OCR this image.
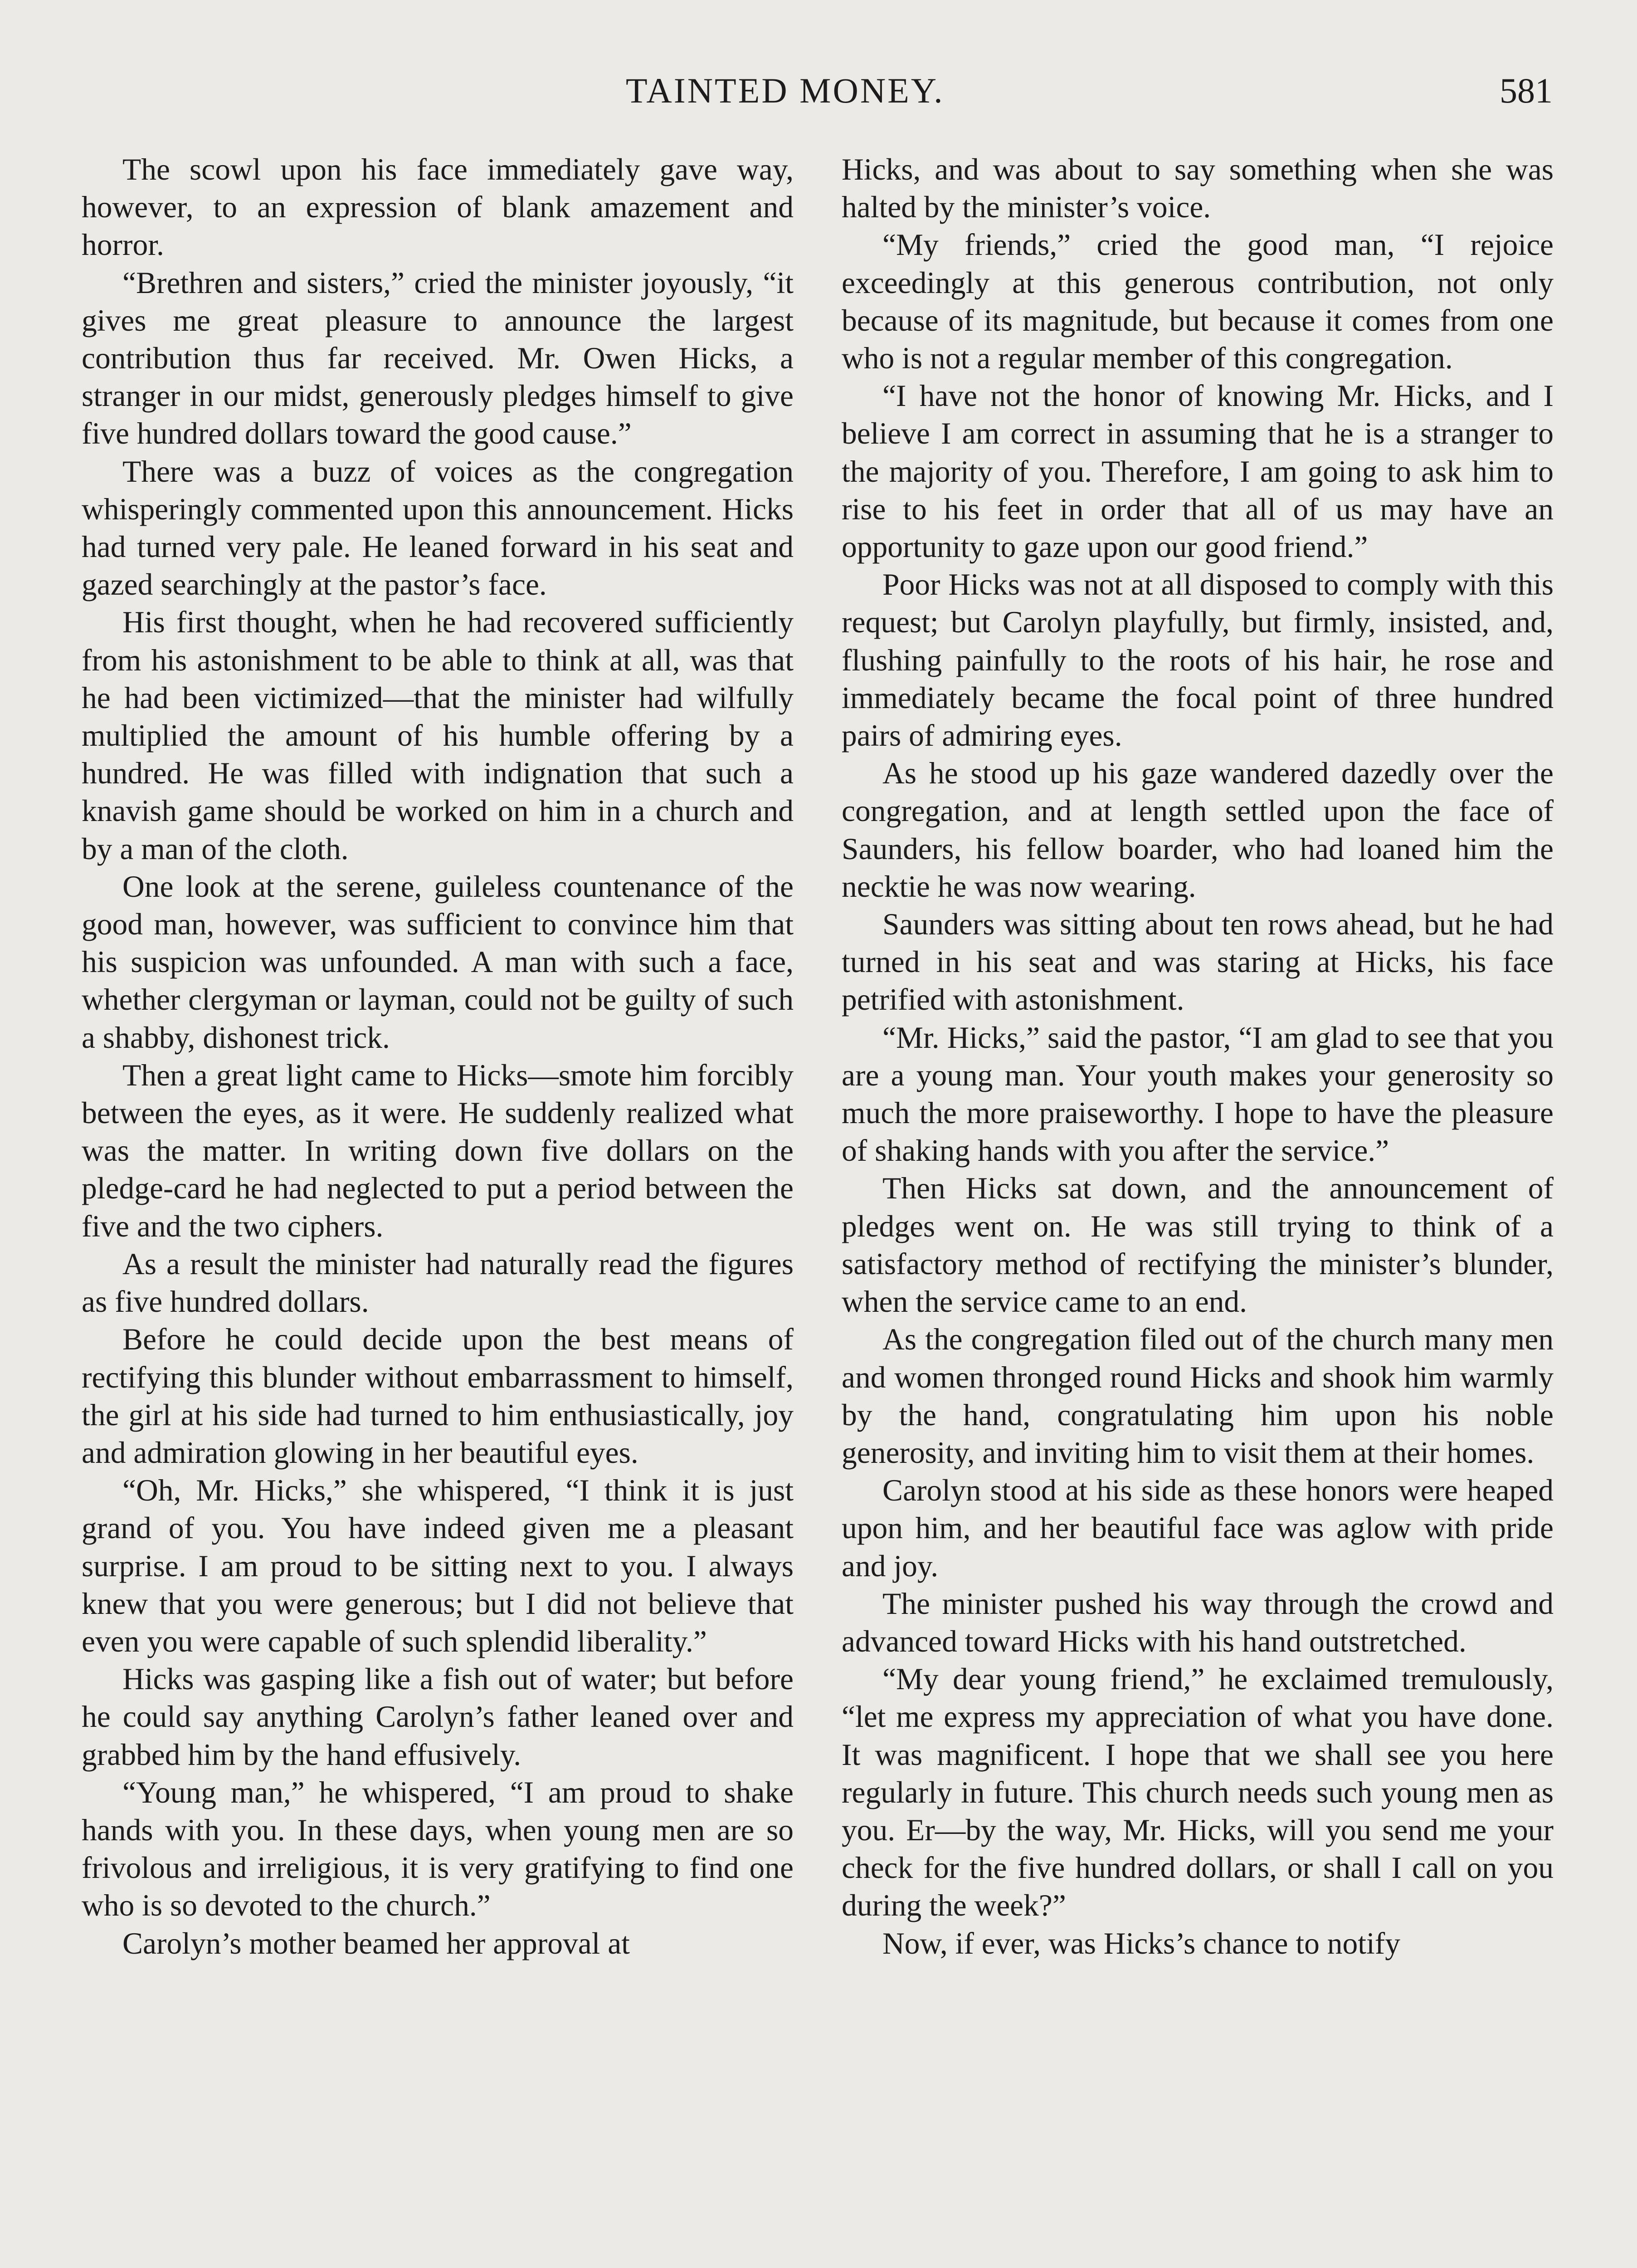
TAINTED MONEY.	581

The scowl upon his face immediately gave way, however, to an expression of blank amazement and horror.

“Brethren and sisters,” cried the minister joyously, “it gives me great pleasure to announce the largest contribution thus far received. Mr. Owen Hicks, a stranger in our midst, generously pledges himself to give five hundred dollars toward the good cause.”

There was a buzz of voices as the congregation whisperingly commented upon this announcement. Hicks had turned very pale. He leaned forward in his seat and gazed searchingly at the pastor’s face.

His first thought, when he had recovered sufficiently from his astonishment to be able to think at all, was that he had been victimized—that the minister had wilfully multiplied the amount of his humble offering by a hundred. He was filled with indignation that such a knavish game should be worked on him in a church and by a man of the cloth.

One look at the serene, guileless countenance of the good man, however, was sufficient to convince him that his suspicion was unfounded. A man with such a face, whether clergyman or layman, could not be guilty of such a shabby, dishonest trick.

Then a great light came to Hicks—smote him forcibly between the eyes, as it were. He suddenly realized what was the matter. In writing down five dollars on the pledge-card he had neglected to put a period between the five and the two ciphers.

As a result the minister had naturally read the figures as five hundred dollars.

Before he could decide upon the best means of rectifying this blunder without embarrassment to himself, the girl at his side had turned to him enthusiastically, joy and admiration glowing in her beautiful eyes.

“Oh, Mr. Hicks,” she whispered, “I think it is just grand of you. You have indeed given me a pleasant surprise. I am proud to be sitting next to you. I always knew that you were generous; but I did not believe that even you were capable of such splendid liberality.”

Hicks was gasping like a fish out of water; but before he could say anything Carolyn’s father leaned over and grabbed him by the hand effusively.

“Young man,” he whispered, “I am proud to shake hands with you. In these days, when young men are so frivolous and irreligious, it is very gratifying to find one who is so devoted to the church.”

Carolyn’s mother beamed her approval at

Hicks, and was about to say something when she was halted by the minister’s voice.

“My friends,” cried the good man, “I rejoice exceedingly at this generous contribution, not only because of its magnitude, but because it comes from one who is not a regular member of this congregation.

“I have not the honor of knowing Mr. Hicks, and I believe I am correct in assuming that he is a stranger to the majority of you. Therefore, I am going to ask him to rise to his feet in order that all of us may have an opportunity to gaze upon our good friend.”

Poor Hicks was not at all disposed to comply with this request; but Carolyn playfully, but firmly, insisted, and, flushing painfully to the roots of his hair, he rose and immediately became the focal point of three hundred pairs of admiring eyes.

As he stood up his gaze wandered dazedly over the congregation, and at length settled upon the face of Saunders, his fellow boarder, who had loaned him the necktie he was now wearing.

Saunders was sitting about ten rows ahead, but he had turned in his seat and was staring at Hicks, his face petrified with astonishment.

“Mr. Hicks,” said the pastor, “I am glad to see that you are a young man. Your youth makes your generosity so much the more praiseworthy. I hope to have the pleasure of shaking hands with you after the service.”

Then Hicks sat down, and the announcement of pledges went on. He was still trying to think of a satisfactory method of rectifying the minister’s blunder, when the service came to an end.

As the congregation filed out of the church many men and women thronged round Hicks and shook him warmly by the hand, congratulating him upon his noble generosity, and inviting him to visit them at their homes.

Carolyn stood at his side as these honors were heaped upon him, and her beautiful face was aglow with pride and joy.

The minister pushed his way through the crowd and advanced toward Hicks with his hand outstretched.

“My dear young friend,” he exclaimed tremulously, “let me express my appreciation of what you have done. It was magnificent. I hope that we shall see you here regularly in future. This church needs such young men as you. Er—by the way, Mr. Hicks, will you send me your check for the five hundred dollars, or shall I call on you during the week?”

Now, if ever, was Hicks’s chance to notify
